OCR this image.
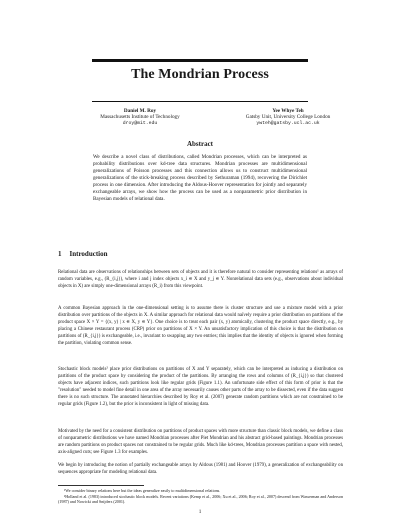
The Mondrian Process
Daniel M. Roy
Massachusetts Institute of Technology
droy@mit.edu
Yee Whye Teh
Gatsby Unit, University College London
ywteh@gatsby.ucl.ac.uk
Abstract

We describe a novel class of distributions, called Mondrian processes, which can be interpreted as probability distributions over kd-tree data structures. Mondrian processes are multidimensional generalizations of Poisson processes and this connection allows us to construct multidimensional generalizations of the stick-breaking process described by Sethuraman (1994), recovering the Dirichlet process in one dimension. After introducing the Aldous-Hoover representation for jointly and separately exchangeable arrays, we show how the process can be used as a nonparametric prior distribution in Bayesian models of relational data.

1 Introduction

Relational data are observations of relationships between sets of objects and it is therefore natural to consider representing relations¹ as arrays of random variables, e.g., (R_{i,j}), where i and j index objects x_i ∈ X and y_j ∈ Y. Nonrelational data sets (e.g., observations about individual objects in X) are simply one-dimensional arrays (R_i) from this viewpoint.

A common Bayesian approach in the one-dimensional setting is to assume there is cluster structure and use a mixture model with a prior distribution over partitions of the objects in X. A similar approach for relational data would naïvely require a prior distribution on partitions of the product space X × Y = {(x, y) | x ∈ X, y ∈ Y}. One choice is to treat each pair (x, y) atomically, clustering the product space directly, e.g., by placing a Chinese restaurant process (CRP) prior on partitions of X × Y. An unsatisfactory implication of this choice is that the distribution on partitions of (R_{i,j}) is exchangeable, i.e., invariant to swapping any two entries; this implies that the identity of objects is ignored when forming the partition, violating common sense.

Stochastic block models² place prior distributions on partitions of X and Y separately, which can be interpreted as inducing a distribution on partitions of the product space by considering the product of the partitions. By arranging the rows and columns of (R_{i,j}) so that clustered objects have adjacent indices, such partitions look like regular grids (Figure 1.1). An unfortunate side effect of this form of prior is that the "resolution" needed to model fine detail in one area of the array necessarily causes other parts of the array to be dissected, even if the data suggest there is no such structure. The annotated hierarchies described by Roy et al. (2007) generate random partitions which are not constrained to be regular grids (Figure 1.2), but the prior is inconsistent in light of missing data.

Motivated by the need for a consistent distribution on partitions of product spaces with more structure than classic block models, we define a class of nonparametric distributions we have named Mondrian processes after Piet Mondrian and his abstract grid-based paintings. Mondrian processes are random partitions on product spaces not constrained to be regular grids. Much like kd-trees, Mondrian processes partition a space with nested, axis-aligned cuts; see Figure 1.3 for examples.

We begin by introducing the notion of partially exchangeable arrays by Aldous (1981) and Hoover (1979), a generalization of exchangeability on sequences appropriate for modeling relational data.

¹We consider binary relations here but the ideas generalize easily to multidimensional relations.

²Holland et al. (1983) introduced stochastic block models. Recent variations (Kemp et al., 2006; Xu et al., 2006; Roy et al., 2007) descend from Wasserman and Anderson (1987) and Nowicki and Snijders (2001).

1
